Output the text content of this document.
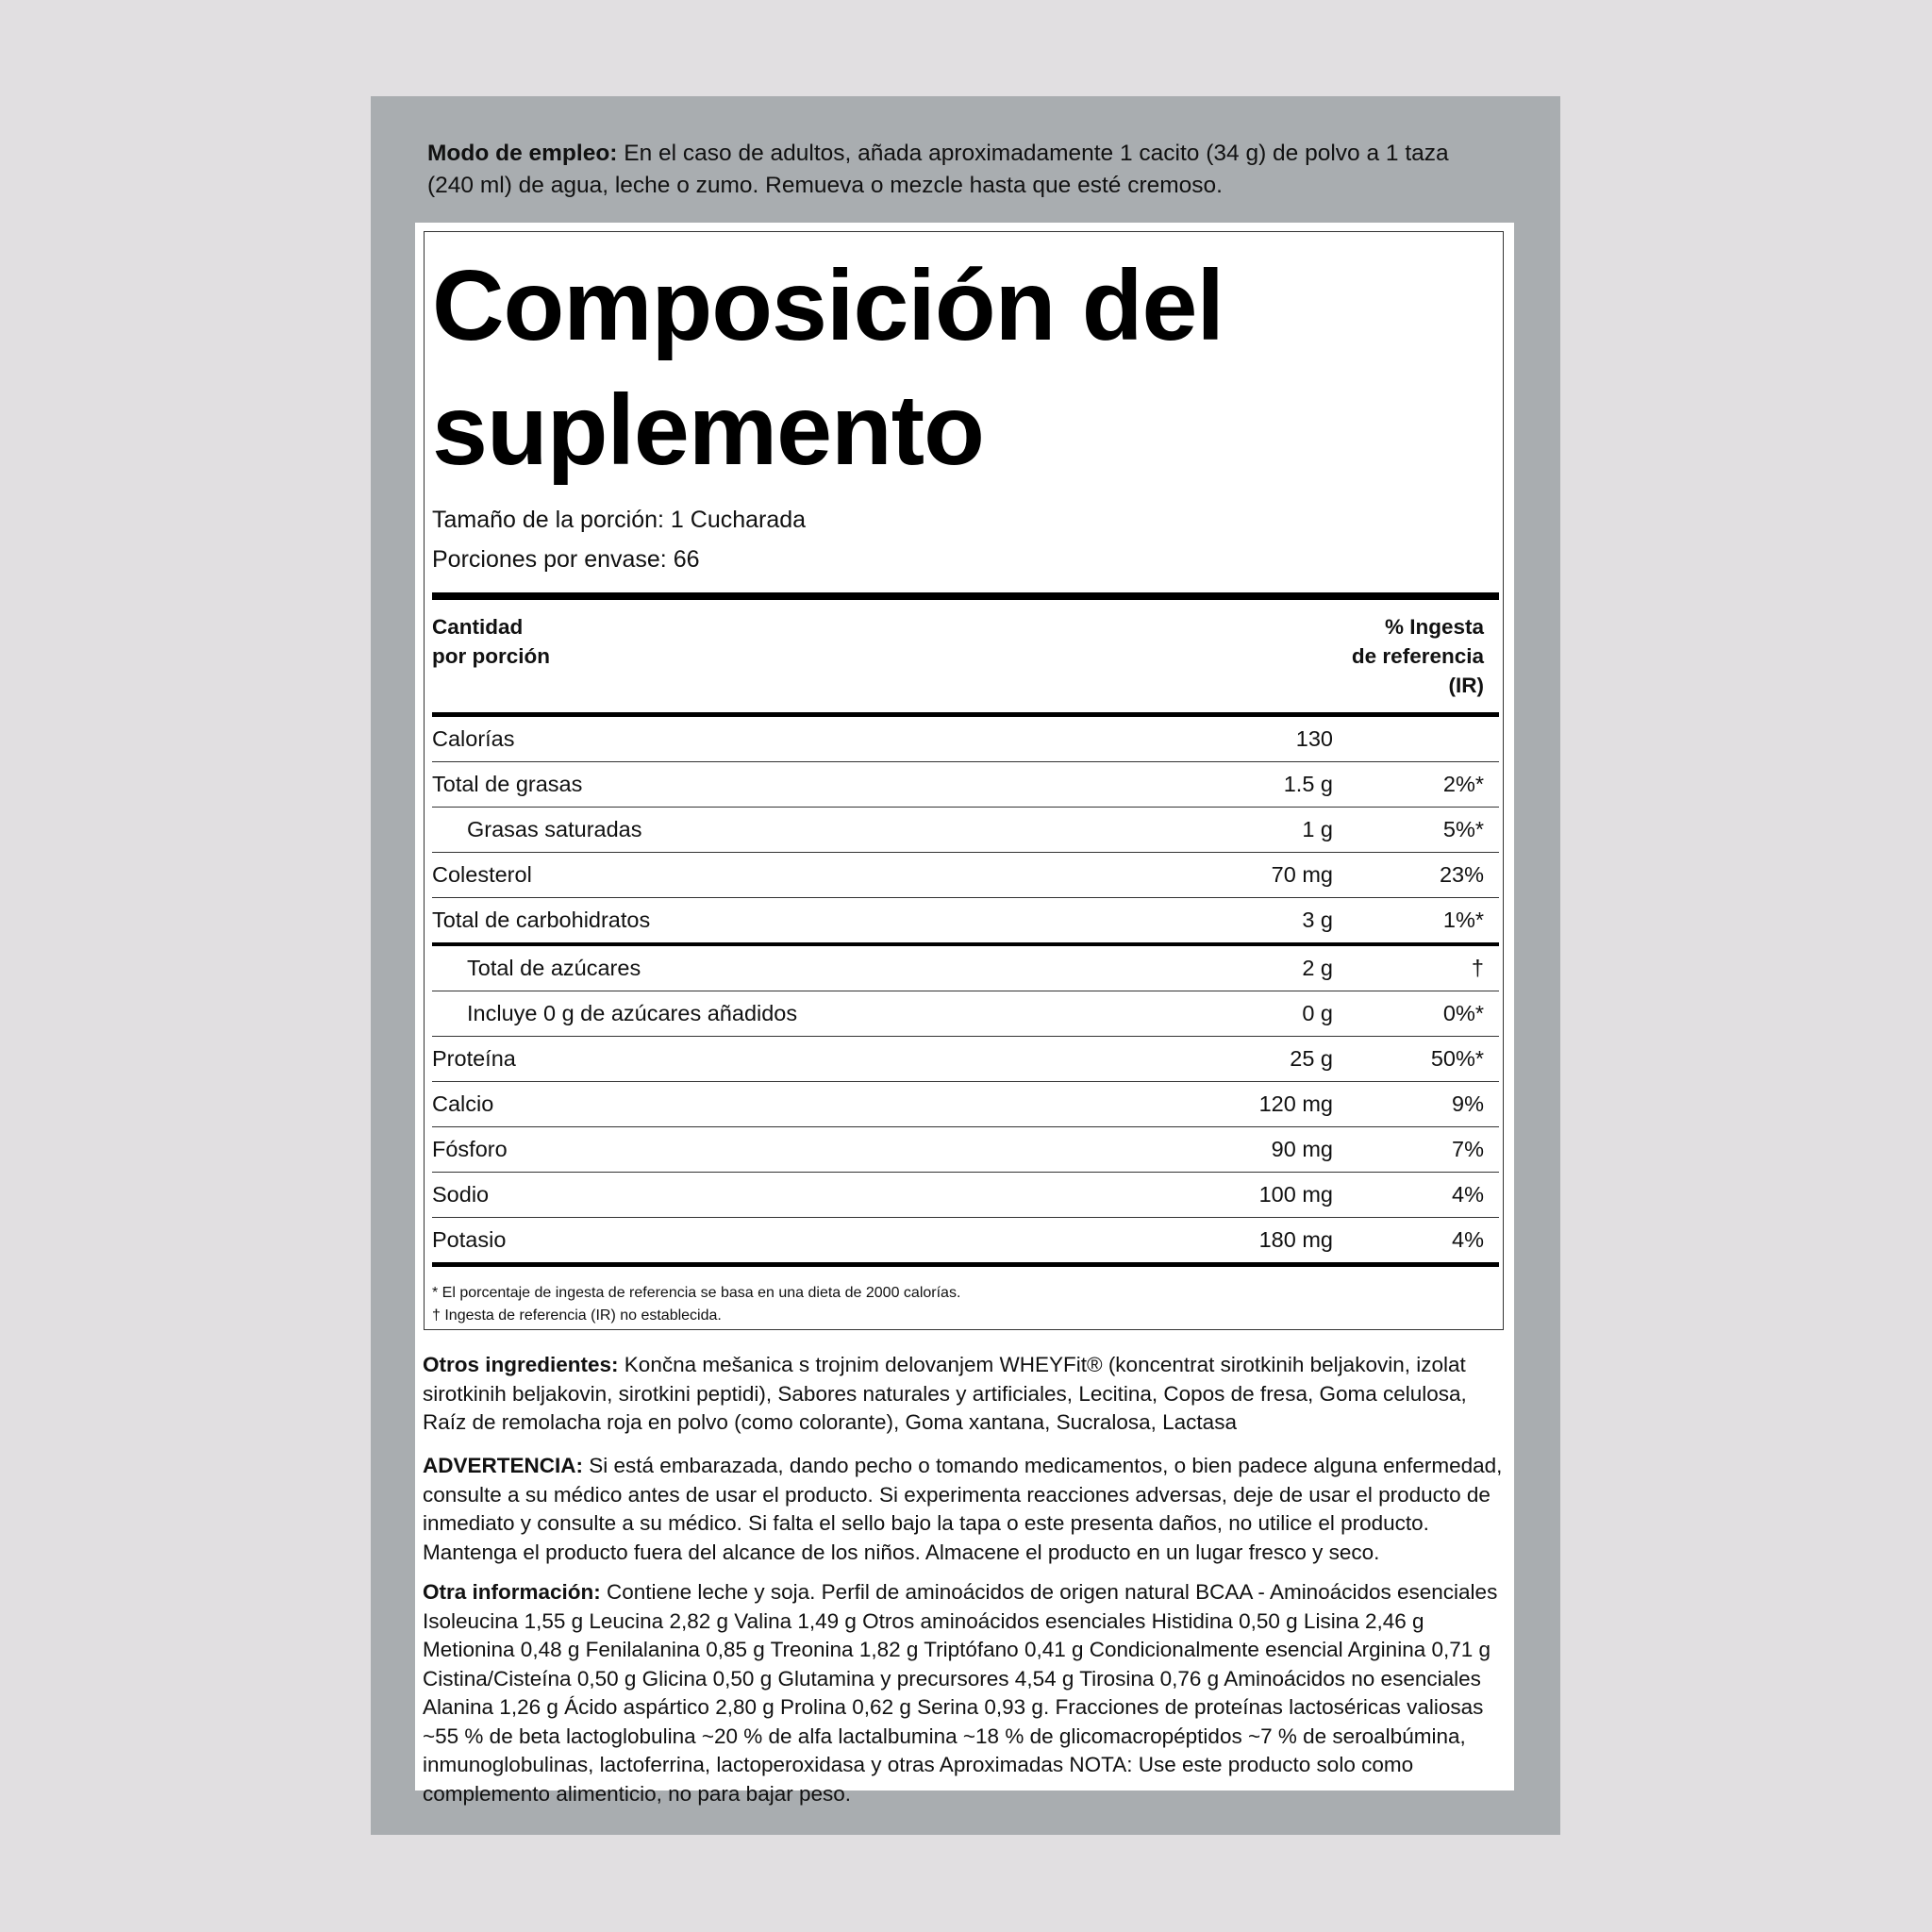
Modo de empleo: En el caso de adultos, añada aproximadamente 1 cacito (34 g) de polvo a 1 taza (240 ml) de agua, leche o zumo. Remueva o mezcle hasta que esté cremoso.
Composición del
suplemento
Tamaño de la porción: 1 Cucharada
Porciones por envase: 66
Cantidad
por porción
% Ingesta
de referencia
(IR)
Calorías	130
Total de grasas	1.5 g	2%*
Grasas saturadas	1 g	5%*
Colesterol	70 mg	23%
Total de carbohidratos	3 g	1%*
Total de azúcares	2 g	†
Incluye 0 g de azúcares añadidos	0 g	0%*
Proteína	25 g	50%*
Calcio	120 mg	9%
Fósforo	90 mg	7%
Sodio	100 mg	4%
Potasio	180 mg	4%
* El porcentaje de ingesta de referencia se basa en una dieta de 2000 calorías.
† Ingesta de referencia (IR) no establecida.
Otros ingredientes: Končna mešanica s trojnim delovanjem WHEYFit® (koncentrat sirotkinih beljakovin, izolat sirotkinih beljakovin, sirotkini peptidi), Sabores naturales y artificiales, Lecitina, Copos de fresa, Goma celulosa, Raíz de remolacha roja en polvo (como colorante), Goma xantana, Sucralosa, Lactasa
ADVERTENCIA: Si está embarazada, dando pecho o tomando medicamentos, o bien padece alguna enfermedad, consulte a su médico antes de usar el producto. Si experimenta reacciones adversas, deje de usar el producto de inmediato y consulte a su médico. Si falta el sello bajo la tapa o este presenta daños, no utilice el producto. Mantenga el producto fuera del alcance de los niños. Almacene el producto en un lugar fresco y seco.
Otra información: Contiene leche y soja. Perfil de aminoácidos de origen natural BCAA - Aminoácidos esenciales Isoleucina 1,55 g Leucina 2,82 g Valina 1,49 g Otros aminoácidos esenciales Histidina 0,50 g Lisina 2,46 g Metionina 0,48 g Fenilalanina 0,85 g Treonina 1,82 g Triptófano 0,41 g Condicionalmente esencial Arginina 0,71 g Cistina/Cisteína 0,50 g Glicina 0,50 g Glutamina y precursores 4,54 g Tirosina 0,76 g Aminoácidos no esenciales Alanina 1,26 g Ácido aspártico 2,80 g Prolina 0,62 g Serina 0,93 g. Fracciones de proteínas lactoséricas valiosas ~55 % de beta lactoglobulina ~20 % de alfa lactalbumina ~18 % de glicomacropéptidos ~7 % de seroalbúmina, inmunoglobulinas, lactoferrina, lactoperoxidasa y otras Aproximadas NOTA: Use este producto solo como complemento alimenticio, no para bajar peso.
